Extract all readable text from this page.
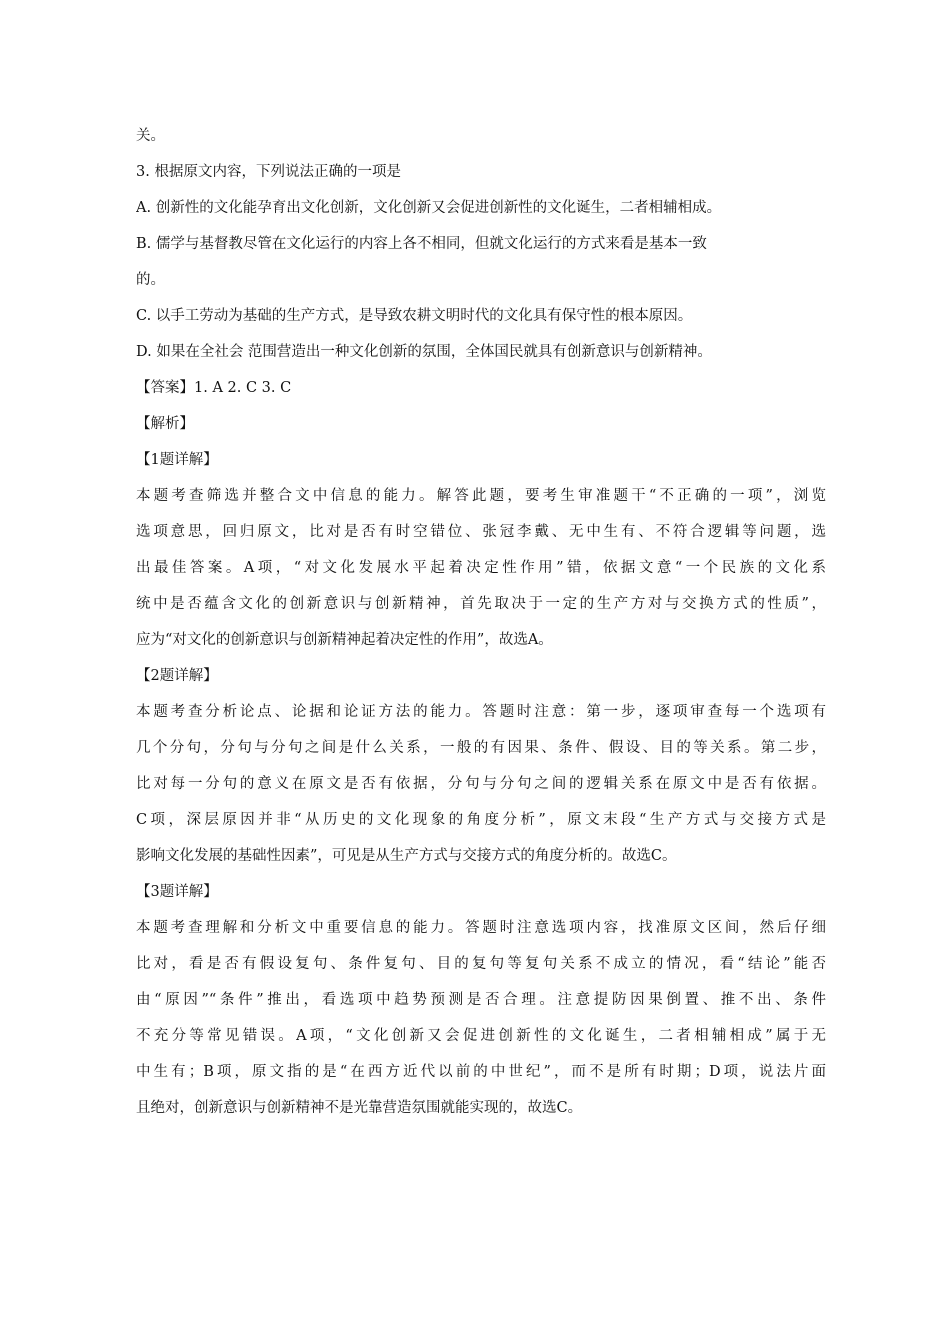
关。
3. 根据原文内容，下列说法正确的一项是
A. 创新性的文化能孕育出文化创新，文化创新又会促进创新性的文化诞生，二者相辅相成。
B. 儒学与基督教尽管在文化运行的内容上各不相同，但就文化运行的方式来看是基本一致
的。
C. 以手工劳动为基础的生产方式，是导致农耕文明时代的文化具有保守性的根本原因。
D. 如果在全社会 范围营造出一种文化创新的氛围，全体国民就具有创新意识与创新精神。
【答案】1. A 2. C 3. C
【解析】
【1题详解】
本题考查筛选并整合文中信息的能力。解答此题，要考生审准题干“不正确的一项”，浏览
选项意思，回归原文，比对是否有时空错位、张冠李戴、无中生有、不符合逻辑等问题，选
出最佳答案。A项，“对文化发展水平起着决定性作用”错，依据文意“一个民族的文化系
统中是否蕴含文化的创新意识与创新精神，首先取决于一定的生产方对与交换方式的性质”，
应为“对文化的创新意识与创新精神起着决定性的作用”，故选A。
【2题详解】
本题考查分析论点、论据和论证方法的能力。答题时注意：第一步，逐项审查每一个选项有
几个分句，分句与分句之间是什么关系，一般的有因果、条件、假设、目的等关系。第二步，
比对每一分句的意义在原文是否有依据，分句与分句之间的逻辑关系在原文中是否有依据。
C项，深层原因并非“从历史的文化现象的角度分析”，原文末段“生产方式与交接方式是
影响文化发展的基础性因素”，可见是从生产方式与交接方式的角度分析的。故选C。
【3题详解】
本题考查理解和分析文中重要信息的能力。答题时注意选项内容，找准原文区间，然后仔细
比对，看是否有假设复句、条件复句、目的复句等复句关系不成立的情况，看“结论”能否
由“原因”“条件”推出，看选项中趋势预测是否合理。注意提防因果倒置、推不出、条件
不充分等常见错误。A项，“文化创新又会促进创新性的文化诞生，二者相辅相成”属于无
中生有；B项，原文指的是“在西方近代以前的中世纪”，而不是所有时期；D项，说法片面
且绝对，创新意识与创新精神不是光靠营造氛围就能实现的，故选C。
